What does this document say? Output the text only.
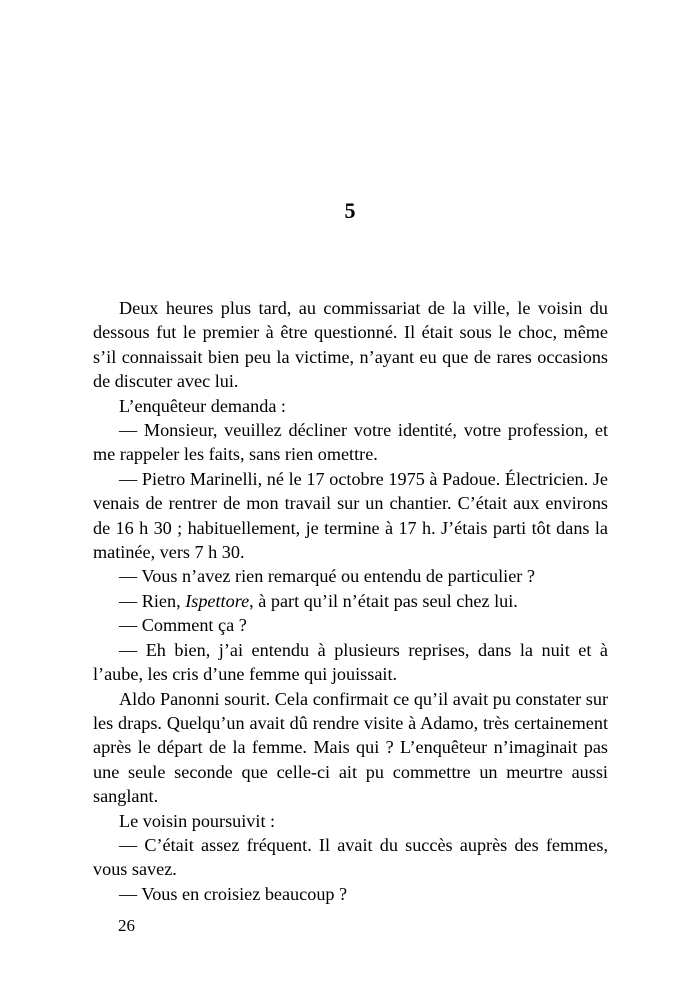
5

Deux heures plus tard, au commissariat de la ville, le voisin du dessous fut le premier à être questionné. Il était sous le choc, même s’il connaissait bien peu la victime, n’ayant eu que de rares occasions de discuter avec lui.

L’enquêteur demanda :

— Monsieur, veuillez décliner votre identité, votre profession, et me rappeler les faits, sans rien omettre.

— Pietro Marinelli, né le 17 octobre 1975 à Padoue. Électricien. Je venais de rentrer de mon travail sur un chantier. C’était aux environs de 16 h 30 ; habituellement, je termine à 17 h. J’étais parti tôt dans la matinée, vers 7 h 30.

— Vous n’avez rien remarqué ou entendu de particulier ?

— Rien, Ispettore, à part qu’il n’était pas seul chez lui.

— Comment ça ?

— Eh bien, j’ai entendu à plusieurs reprises, dans la nuit et à l’aube, les cris d’une femme qui jouissait.

Aldo Panonni sourit. Cela confirmait ce qu’il avait pu constater sur les draps. Quelqu’un avait dû rendre visite à Adamo, très certainement après le départ de la femme. Mais qui ? L’enquêteur n’imaginait pas une seule seconde que celle-ci ait pu commettre un meurtre aussi sanglant.

Le voisin poursuivit :

— C’était assez fréquent. Il avait du succès auprès des femmes, vous savez.

— Vous en croisiez beaucoup ?

26
